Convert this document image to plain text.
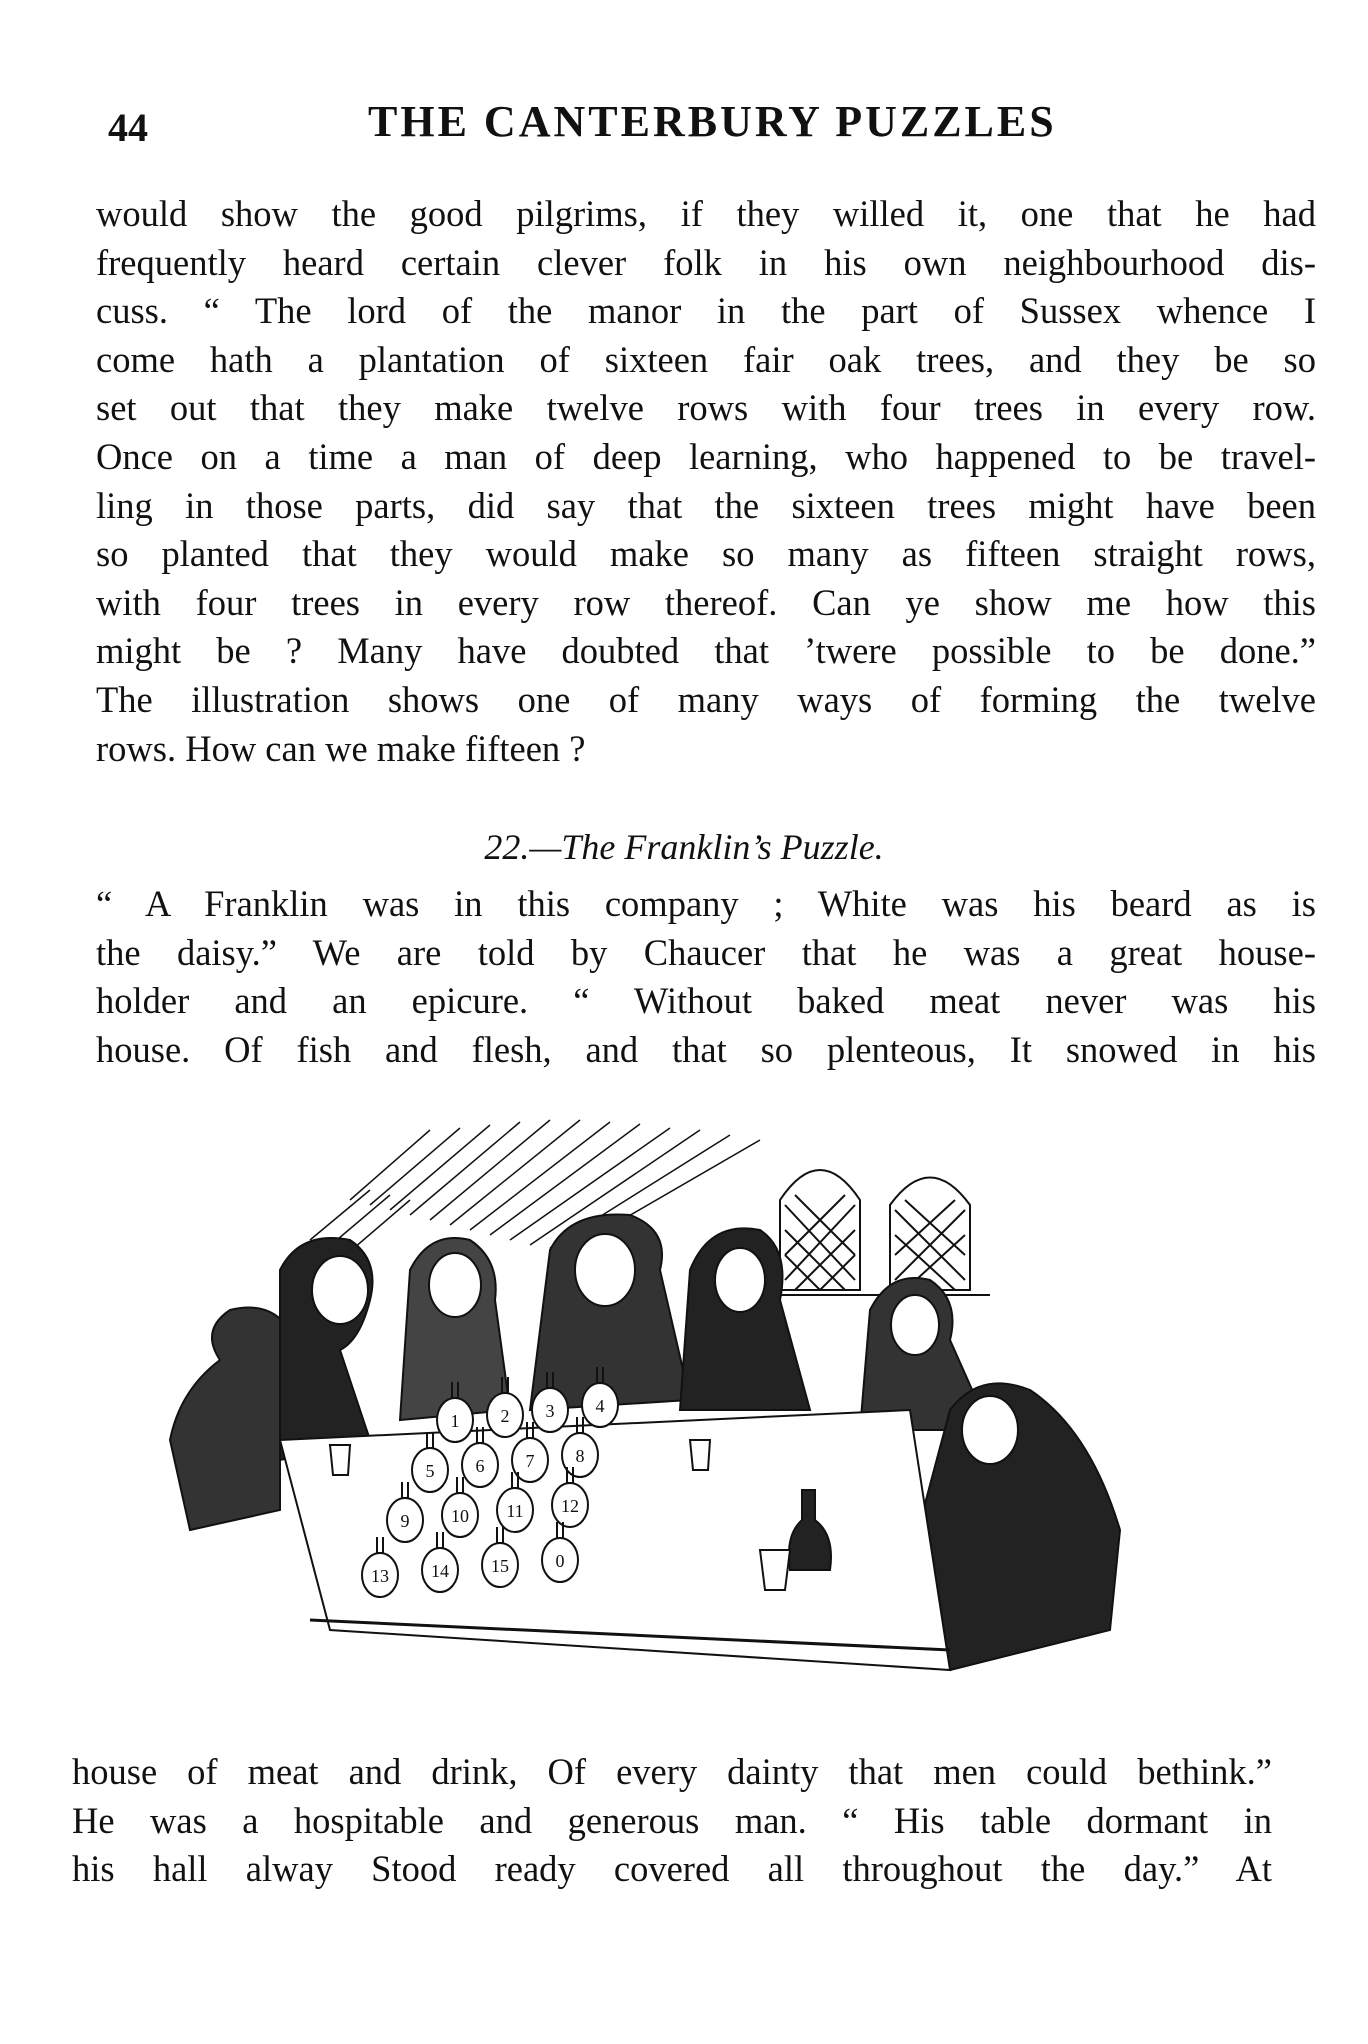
44	THE CANTERBURY PUZZLES
would show the good pilgrims, if they willed it, one that he had
frequently heard certain clever folk in his own neighbourhood dis-
cuss. “ The lord of the manor in the part of Sussex whence I
come hath a plantation of sixteen fair oak trees, and they be so
set out that they make twelve rows with four trees in every row.
Once on a time a man of deep learning, who happened to be travel-
ling in those parts, did say that the sixteen trees might have been
so planted that they would make so many as fifteen straight rows,
with four trees in every row thereof. Can ye show me how this
might be ? Many have doubted that ’twere possible to be done.”
The illustration shows one of many ways of forming the twelve
rows. How can we make fifteen ?
22.—The Franklin’s Puzzle.
“ A Franklin was in this company ; White was his beard as is
the daisy.” We are told by Chaucer that he was a great house-
holder and an epicure. “ Without baked meat never was his
house. Of fish and flesh, and that so plenteous, It snowed in his
1 2 3 4
5 6 7 8
9 10 11 12
13 14 15	0
house of meat and drink, Of every dainty that men could bethink.”
He was a hospitable and generous man. “ His table dormant in
his hall alway Stood ready covered all throughout the day.” At
